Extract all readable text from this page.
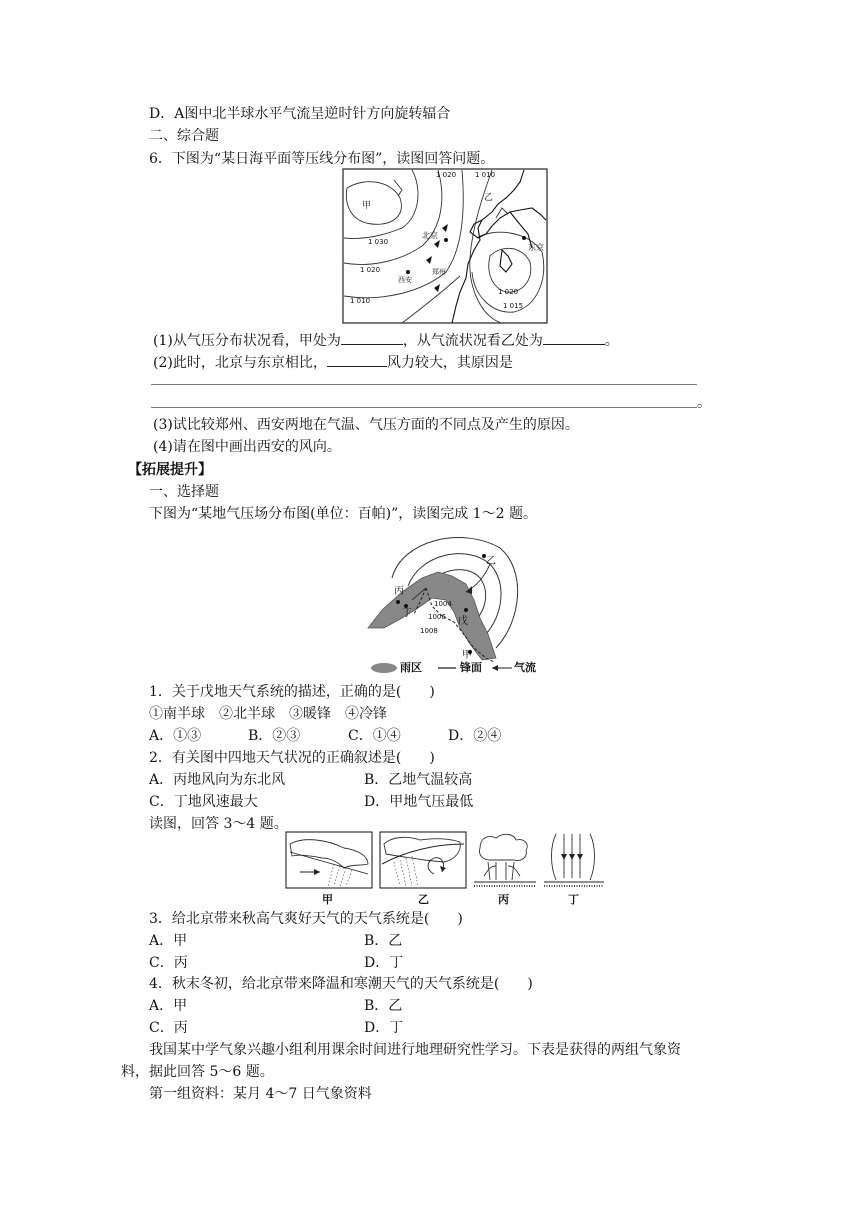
D．A图中北半球水平气流呈逆时针方向旋转辐合
二、综合题
6．下图为“某日海平面等压线分布图”，读图回答问题。
甲
乙
北京
东京
郑州
西安
1 020	1 010
1 030
1 020
1 010
1 020
1 015
(1)从气压分布状况看，甲处为	，从气流状况看乙处为	。
(2)此时，北京与东京相比，	风力较大，其原因是
。
(3)试比较郑州、西安两地在气温、气压方面的不同点及产生的原因。
(4)请在图中画出西安的风向。
【拓展提升】
一、选择题
下图为“某地气压场分布图(单位：百帕)”，读图完成 1～2 题。
丙
乙
丁
戊
甲
1004
1006
1008
雨区	锋面	气流
1．关于戊地天气系统的描述，正确的是(　　)
①南半球　②北半球　③暖锋　④冷锋
A．①③	B．②③	C．①④	D．②④
2．有关图中四地天气状况的正确叙述是(　　)
A．丙地风向为东北风	B．乙地气温较高
C．丁地风速最大	D．甲地气压最低
读图，回答 3～4 题。
甲	乙	丙	丁
3．给北京带来秋高气爽好天气的天气系统是(　　)
A．甲	B．乙
C．丙	D．丁
4．秋末冬初，给北京带来降温和寒潮天气的天气系统是(　　)
A．甲	B．乙
C．丙	D．丁
我国某中学气象兴趣小组利用课余时间进行地理研究性学习。下表是获得的两组气象资
料，据此回答 5～6 题。
第一组资料：某月 4～7 日气象资料
